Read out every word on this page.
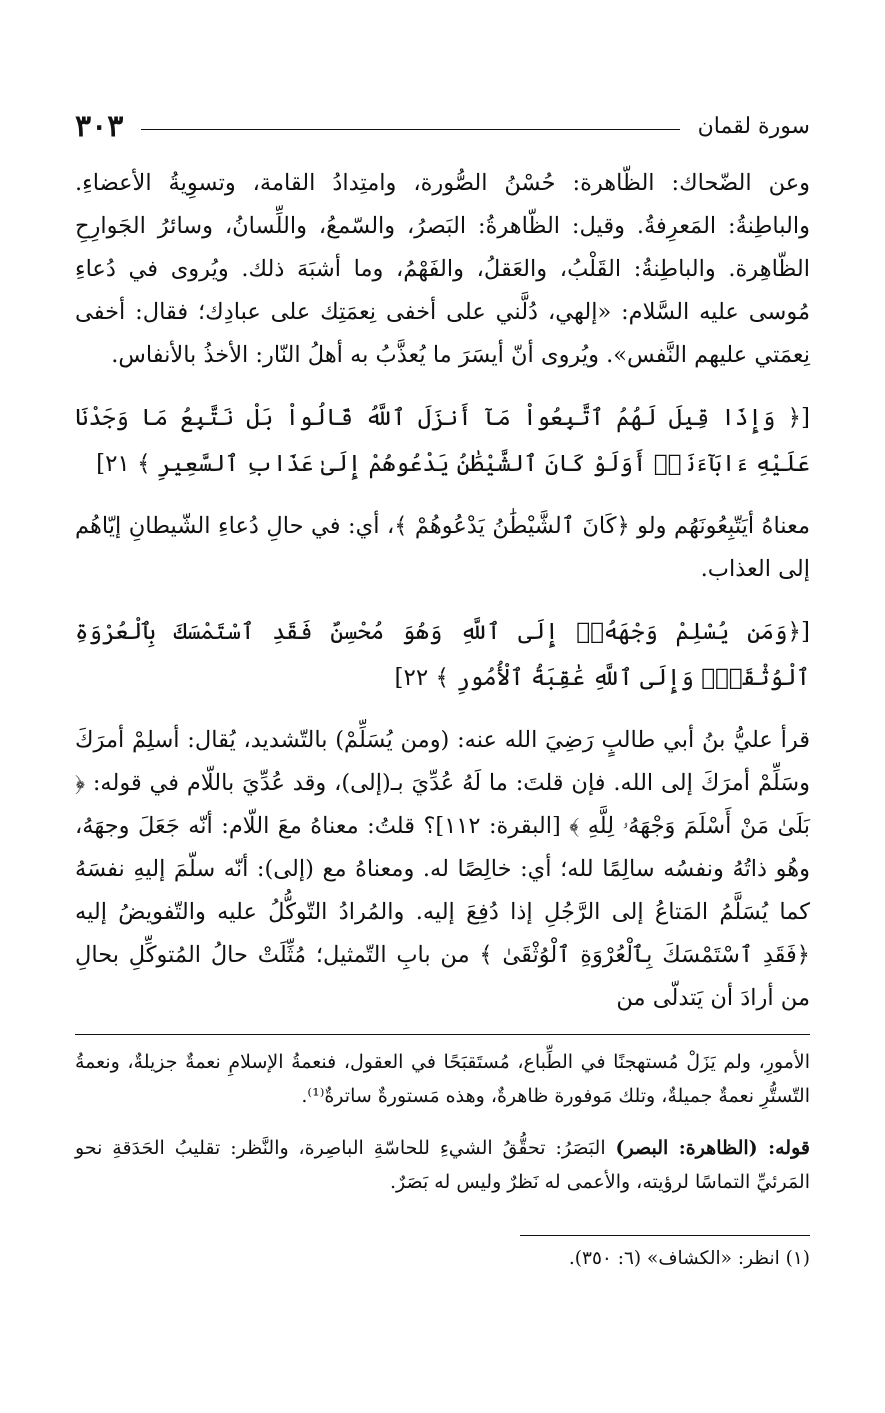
سورة لقمان
٣٠٣

وعن الضّحاك: الظّاهرة: حُسْنُ الصُّورة، وامتِدادُ القامة، وتسوِيةُ الأعضاءِ. والباطِنةُ: المَعرِفةُ. وقيل: الظّاهرةُ: البَصرُ، والسّمعُ، واللِّسانُ، وسائرُ الجَوارِحِ الظّاهِرة. والباطِنةُ: القَلْبُ، والعَقلُ، والفَهْمُ، وما أشبَهَ ذلك. ويُروى في دُعاءِ مُوسى عليه السَّلام: «إلهي، دُلَّني على أخفى نِعمَتِك على عبادِك؛ فقال: أخفى نِعمَتي عليهم النَّفس». ويُروى أنّ أيسَرَ ما يُعذَّبُ به أهلُ النّار: الأخذُ بالأنفاس.

[﴿ وَإِذَا قِيلَ لَهُمُ ٱتَّبِعُواْ مَآ أَنزَلَ ٱللَّهُ قَالُواْ بَلْ نَتَّبِعُ مَا وَجَدْنَا عَلَيْهِ ءَابَآءَنَآۚ أَوَلَوْ كَانَ ٱلشَّيْطَٰنُ يَدْعُوهُمْ إِلَىٰ عَذَابِ ٱلسَّعِيرِ ﴾ ٢١]

معناهُ أيَتّبِعُونَهُم ولو ﴿كَانَ ٱلشَّيْطَٰنُ يَدْعُوهُمْ ﴾، أي: في حالِ دُعاءِ الشّيطانِ إيّاهُم إلى العذاب.

[﴿وَمَن يُسْلِمْ وَجْهَهُۥٓ إِلَى ٱللَّهِ وَهُوَ مُحْسِنٌ فَقَدِ ٱسْتَمْسَكَ بِٱلْعُرْوَةِ ٱلْوُثْقَىٰۗ وَإِلَى ٱللَّهِ عَٰقِبَةُ ٱلْأُمُورِ ﴾ ٢٢]

قرأ عليُّ بنُ أبي طالبٍ رَضِيَ الله عنه: (ومن يُسَلِّمْ) بالتّشديد، يُقال: أسلِمْ أمرَكَ وسَلِّمْ أمرَكَ إلى الله. فإن قلتَ: ما لَهُ عُدِّيَ بـ(إلى)، وقد عُدِّيَ باللّام في قوله: ﴿ بَلَىٰ مَنْ أَسْلَمَ وَجْهَهُۥ لِلَّهِ ﴾ [البقرة: ١١٢]؟ قلتُ: معناهُ معَ اللّام: أنّه جَعَلَ وجهَهُ، وهُو ذاتُهُ ونفسُه سالِمًا لله؛ أي: خالِصًا له. ومعناهُ مع (إلى): أنّه سلّمَ إليهِ نفسَهُ كما يُسَلَّمُ المَتاعُ إلى الرَّجُلِ إذا دُفِعَ إليه. والمُرادُ التّوكُّلُ عليه والتّفويضُ إليه ﴿فَقَدِ ٱسْتَمْسَكَ بِٱلْعُرْوَةِ ٱلْوُثْقَىٰ ﴾ من بابِ التّمثيل؛ مُثِّلَتْ حالُ المُتوكِّلِ بحالِ من أرادَ أن يَتدلّى من

الأمورِ، ولم يَزَلْ مُستهجنًا في الطِّباع، مُستَقبَحًا في العقول، فنعمةُ الإسلامِ نعمةٌ جزيلةٌ، ونعمةُ التّستُّرِ نعمةٌ جميلةٌ، وتلك مَوفورة ظاهرةٌ، وهذه مَستورةٌ ساترةٌ⁽¹⁾.

قوله: (الظاهرة: البصر) البَصَرُ: تحقُّقُ الشيءِ للحاسّةِ الباصِرة، والنَّظر: تقليبُ الحَدَقةِ نحو المَرئيِّ التماسًا لرؤيته، والأعمى له نَظرٌ وليس له بَصَرٌ.

(١) انظر: «الكشاف» (٦: ٣٥٠).
